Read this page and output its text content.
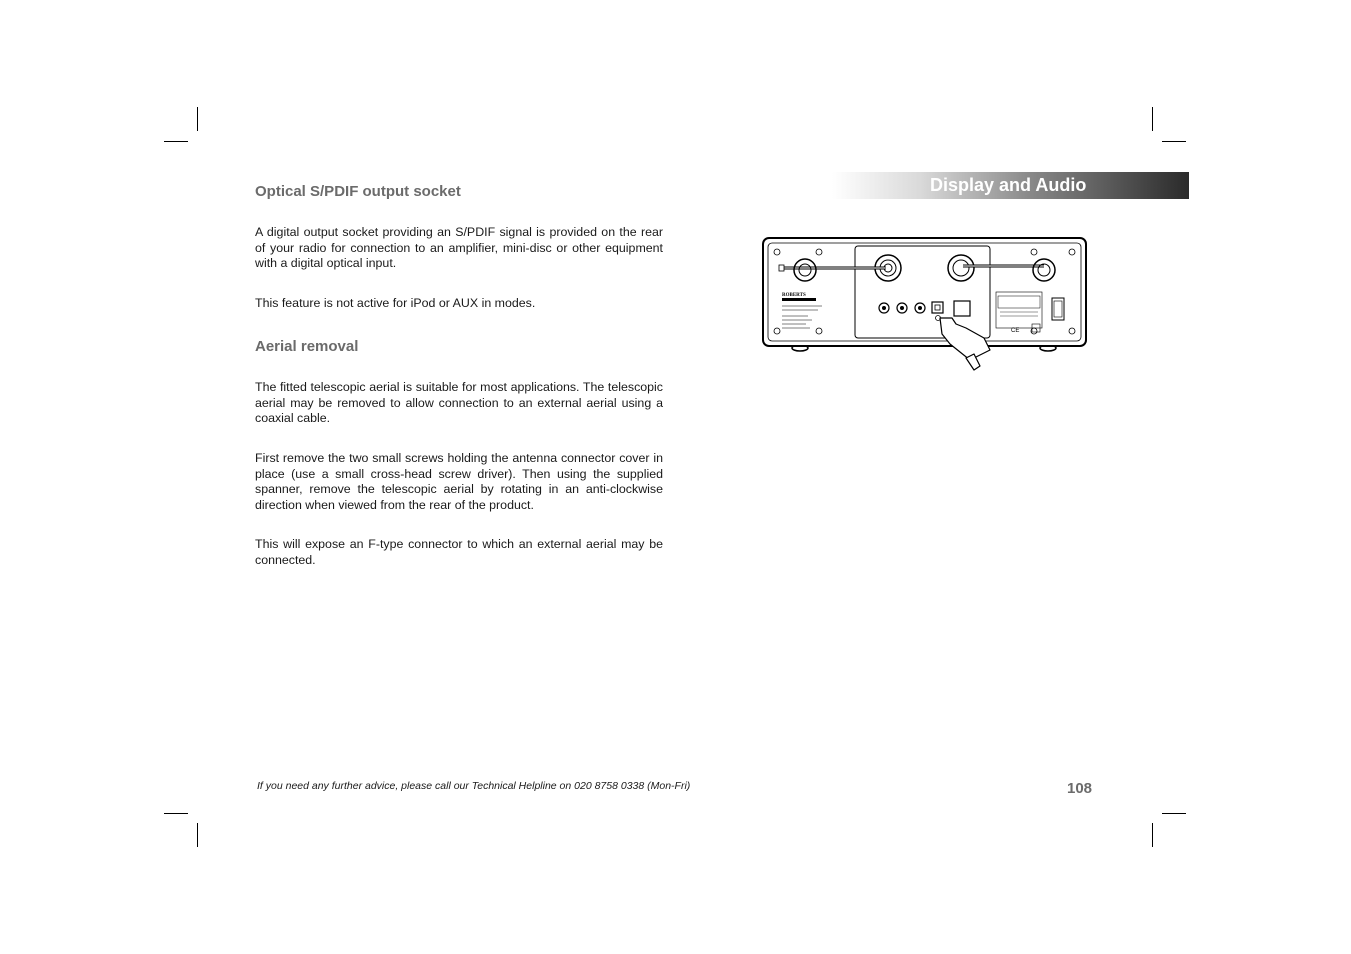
Display and Audio
Optical S/PDIF output socket

A digital output socket providing an S/PDIF signal is provided on the rear of your radio for connection to an amplifier, mini-disc or other equipment with a digital optical input.

This feature is not active for iPod or AUX in modes.

Aerial removal

The fitted telescopic aerial is suitable for most applications. The telescopic aerial may be removed to allow connection to an external aerial using a coaxial cable.

First remove the two small screws holding the antenna connector cover in place (use a small cross-head screw driver). Then using the supplied spanner, remove the telescopic aerial by rotating in an anti-clockwise direction when viewed from the rear of the product.

This will expose an F-type connector to which an external aerial may be connected.

CE
ROBERTS
If you need any further advice, please call our Technical Helpline on 020 8758 0338 (Mon-Fri)	108
